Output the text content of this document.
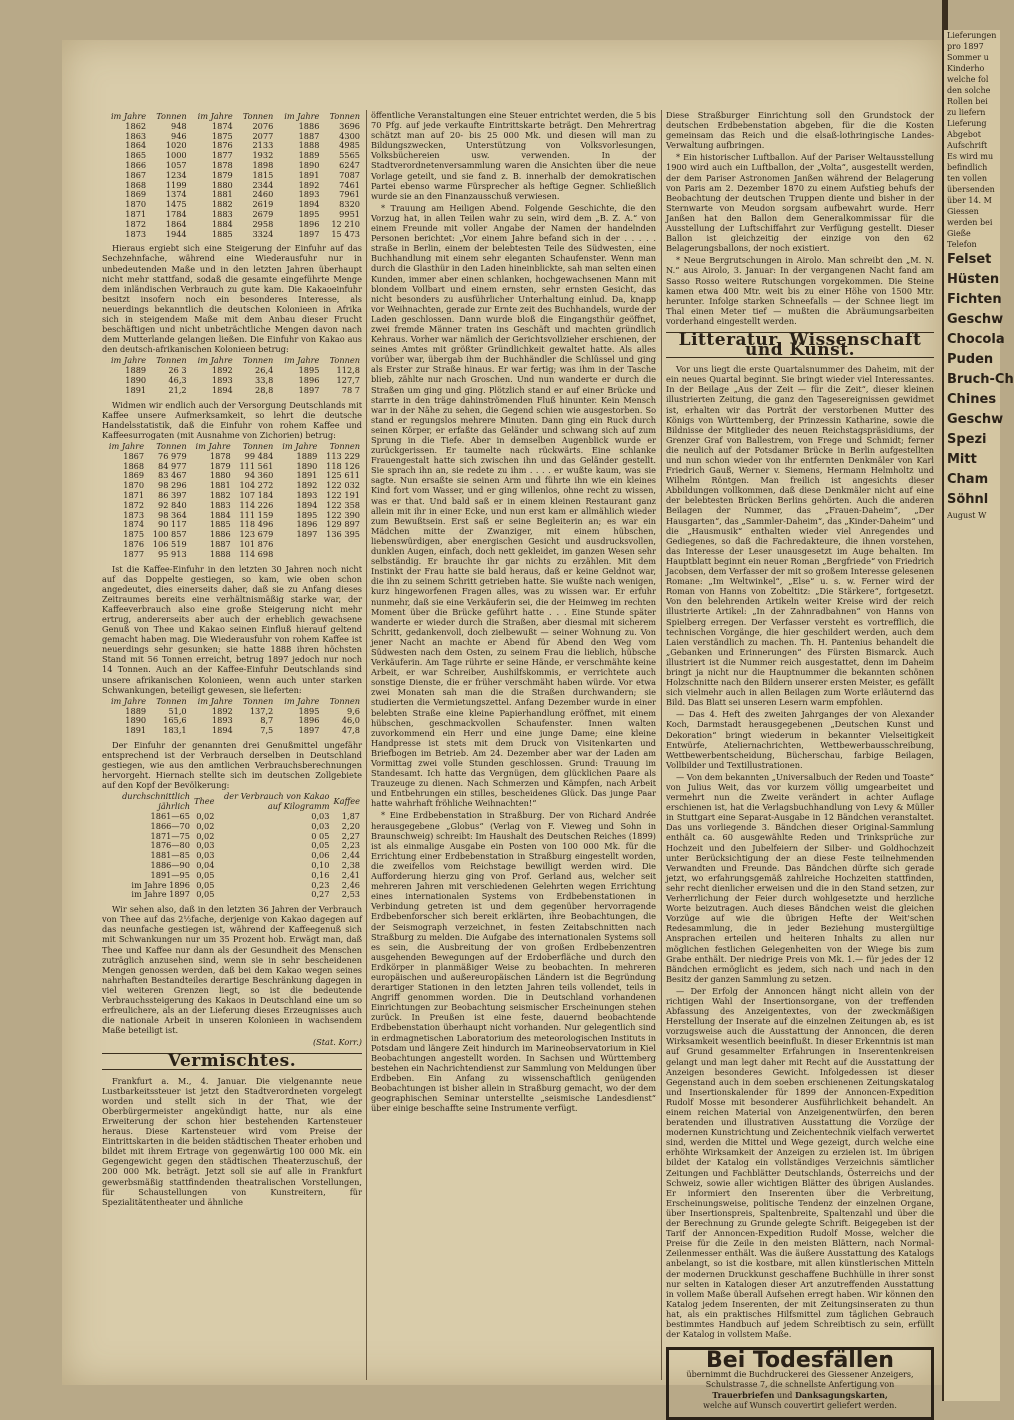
im Jahre	Tonnen	im Jahre	Tonnen	im Jahre	Tonnen
1862	948	1874	2076	1886	3696
1863	946	1875	2077	1887	4300
1864	1020	1876	2133	1888	4985
1865	1000	1877	1932	1889	5565
1866	1057	1878	1898	1890	6247
1867	1234	1879	1815	1891	7087
1868	1199	1880	2344	1892	7461
1869	1374	1881	2460	1893	7961
1870	1475	1882	2619	1894	8320
1871	1784	1883	2679	1895	9951
1872	1864	1884	2958	1896	12 210
1873	1944	1885	3324	1897	15 473

Hieraus ergiebt sich eine Steigerung der Einfuhr auf das Sechzehnfache, während eine Wiederausfuhr nur in unbedeutenden Maße und in den letzten Jahren überhaupt nicht mehr stattfand, sodaß die gesamte eingeführte Menge dem inländischen Verbrauch zu gute kam. Die Kakaoeinfuhr besitzt insofern noch ein besonderes Interesse, als neuerdings bekanntlich die deutschen Kolonieen in Afrika sich in steigendem Maße mit dem Anbau dieser Frucht beschäftigen und nicht unbeträchtliche Mengen davon nach dem Mutterlande gelangen ließen. Die Einfuhr von Kakao aus den deutsch-afrikanischen Kolonieen betrug:

im Jahre	Tonnen	im Jahre	Tonnen	im Jahre	Tonnen
1889	26 3	1892	26,4	1895	112,8
1890	46,3	1893	33,8	1896	127,7
1891	21,2	1894	28,8	1897	78 7

Widmen wir endlich auch der Versorgung Deutschlands mit Kaffee unsere Aufmerksamkeit, so lehrt die deutsche Handelsstatistik, daß die Einfuhr von rohem Kaffee und Kaffeesurrogaten (mit Ausnahme von Zichorien) betrug:

im Jahre	Tonnen	im Jahre	Tonnen	im Jahre	Tonnen
1867	76 979	1878	99 484	1889	113 229
1868	84 977	1879	111 561	1890	118 126
1869	83 467	1880	94 360	1891	125 611
1870	98 296	1881	104 272	1892	122 032
1871	86 397	1882	107 184	1893	122 191
1872	92 840	1883	114 226	1894	122 358
1873	98 364	1884	111 159	1895	122 390
1874	90 117	1885	118 496	1896	129 897
1875	100 857	1886	123 679	1897	136 395
1876	106 519	1887	101 876		
1877	95 913	1888	114 698		

Ist die Kaffee-Einfuhr in den letzten 30 Jahren noch nicht auf das Doppelte gestiegen, so kam, wie oben schon angedeutet, dies einerseits daher, daß sie zu Anfang dieses Zeitraumes bereits eine verhältnismäßig starke war, der Kaffeeverbrauch also eine große Steigerung nicht mehr ertrug, andererseits aber auch der erheblich gewachsene Genuß von Thee und Kakao seinen Einfluß hierauf geltend gemacht haben mag. Die Wiederausfuhr von rohem Kaffee ist neuerdings sehr gesunken; sie hatte 1888 ihren höchsten Stand mit 56 Tonnen erreicht, betrug 1897 jedoch nur noch 14 Tonnen. Auch an der Kaffee-Einfuhr Deutschlands sind unsere afrikanischen Kolonieen, wenn auch unter starken Schwankungen, beteiligt gewesen, sie lieferten:

im Jahre	Tonnen	im Jahre	Tonnen	im Jahre	Tonnen
1889	51,0	1892	137,2	1895	9,6
1890	165,6	1893	8,7	1896	46,0
1891	183,1	1894	7,5	1897	47,8

Der Einfuhr der genannten drei Genußmittel ungefähr entsprechend ist der Verbrauch derselben in Deutschland gestiegen, wie aus den amtlichen Verbrauchsberechnungen hervorgeht. Hiernach stellte sich im deutschen Zollgebiete auf den Kopf der Bevölkerung:

durchschnittlich jährlich	Thee	der Verbrauch von Kakao auf Kilogramm	Kaffee
1861—65	0,02	0,03	1,87
1866—70	0,02	0,03	2,20
1871—75	0,02	0 05	2,27
1876—80	0,03	0,05	2,23
1881—85	0,03	0,06	2,44
1886—90	0,04	0,10	2,38
1891—95	0,05	0,16	2,41
im Jahre 1896	0,05	0,23	2,46
im Jahre 1897	0,05	0,27	2,53

Wir sehen also, daß in den letzten 36 Jahren der Verbrauch von Thee auf das 2½fache, derjenige von Kakao dagegen auf das neunfache gestiegen ist, während der Kaffeegenuß sich mit Schwankungen nur um 35 Prozent hob. Erwägt man, daß Thee und Kaffee nur dann als der Gesundheit des Menschen zuträglich anzusehen sind, wenn sie in sehr bescheidenen Mengen genossen werden, daß bei dem Kakao wegen seines nahrhaften Bestandteiles derartige Beschränkung dagegen in viel weiteren Grenzen liegt, so ist die bedeutende Verbrauchssteigerung des Kakaos in Deutschland eine um so erfreulichere, als an der Lieferung dieses Erzeugnisses auch die nationale Arbeit in unseren Kolonieen in wachsendem Maße beteiligt ist.

(Stat. Korr.)
Vermischtes.

Frankfurt a. M., 4. Januar. Die vielgenannte neue Lustbarkeitssteuer ist jetzt den Stadtverordneten vorgelegt worden und stellt sich in der That, wie der Oberbürgermeister angekündigt hatte, nur als eine Erweiterung der schon hier bestehenden Kartensteuer heraus. Diese Kartensteuer wird vom Preise der Eintrittskarten in die beiden städtischen Theater erhoben und bildet mit ihrem Ertrage von gegenwärtig 100 000 Mk. ein Gegengewicht gegen den städtischen Theaterzuschuß, der 200 000 Mk. beträgt. Jetzt soll sie auf alle in Frankfurt gewerbsmäßig stattfindenden theatralischen Vorstellungen, für Schaustellungen von Kunstreitern, für Spezialitätentheater und ähnliche

öffentliche Veranstaltungen eine Steuer entrichtet werden, die 5 bis 70 Pfg. auf jede verkaufte Eintrittskarte beträgt. Den Mehrertrag schätzt man auf 20- bis 25 000 Mk. und diesen will man zu Bildungszwecken, Unterstützung von Volksvorlesungen, Volksbüchereien usw. verwenden. In der Stadtverordnetenversammlung waren die Ansichten über die neue Vorlage geteilt, und sie fand z. B. innerhalb der demokratischen Partei ebenso warme Fürsprecher als heftige Gegner. Schließlich wurde sie an den Finanzausschuß verwiesen.

* Trauung am Heiligen Abend. Folgende Geschichte, die den Vorzug hat, in allen Teilen wahr zu sein, wird dem „B. Z. A.“ von einem Freunde mit voller Angabe der Namen der handelnden Personen berichtet: „Vor einem Jahre befand sich in der . . . . . straße in Berlin, einem der belebtesten Teile des Südwesten, eine Buchhandlung mit einem sehr eleganten Schaufenster. Wenn man durch die Glasthür in den Laden hineinblickte, sah man selten einen Kunden, immer aber einen schlanken, hochgewachsenen Mann mit blondem Vollbart und einem ernsten, sehr ernsten Gesicht, das nicht besonders zu ausführlicher Unterhaltung einlud. Da, knapp vor Weihnachten, gerade zur Ernte zeit des Buchhandels, wurde der Laden geschlossen. Dann wurde bloß die Eingangsthür geöffnet, zwei fremde Männer traten ins Geschäft und machten gründlich Kehraus. Vorher war nämlich der Gerichtsvollzieher erschienen, der seines Amtes mit größter Gründlichkeit gewaltet hatte. Als alles vorüber war, übergab ihm der Buchhändler die Schlüssel und ging als Erster zur Straße hinaus. Er war fertig; was ihm in der Tasche blieb, zählte nur nach Groschen. Und nun wanderte er durch die Straßen um ging und ging. Plötzlich stand er auf einer Brücke und starrte in den träge dahinströmenden Fluß hinunter. Kein Mensch war in der Nähe zu sehen, die Gegend schien wie ausgestorben. So stand er regungslos mehrere Minuten. Dann ging ein Ruck durch seinen Körper, er erfaßte das Geländer und schwang sich auf zum Sprung in die Tiefe. Aber in demselben Augenblick wurde er zurückgerissen. Er taumelte nach rückwärts. Eine schlanke Frauengestalt hatte sich zwischen ihn und das Geländer gestellt. Sie sprach ihn an, sie redete zu ihm . . . . er wußte kaum, was sie sagte. Nun ersaßte sie seinen Arm und führte ihn wie ein kleines Kind fort vom Wasser, und er ging willenlos, ohne recht zu wissen, was er that. Und bald saß er in einem kleinen Restaurant ganz allein mit ihr in einer Ecke, und nun erst kam er allmählich wieder zum Bewußtsein. Erst saß er seine Begleiterin an; es war ein Mädchen mitte der Zwanziger, mit einem hübschen, liebenswürdigen, aber energischen Gesicht und ausdrucksvollen, dunklen Augen, einfach, doch nett gekleidet, im ganzen Wesen sehr selbständig. Er brauchte ihr gar nichts zu erzählen. Mit dem Instinkt der Frau hatte sie bald heraus, daß er keine Geldnot war, die ihn zu seinem Schritt getrieben hatte. Sie wußte nach wenigen, kurz hingeworfenen Fragen alles, was zu wissen war. Er erfuhr nunmehr, daß sie eine Verkäuferin sei, die der Heimweg im rechten Moment über die Brücke geführt hatte . . . Eine Stunde später wanderte er wieder durch die Straßen, aber diesmal mit sicherem Schritt, gedankenvoll, doch zielbewußt — seiner Wohnung zu. Von jener Nacht an machte er Abend für Abend den Weg vom Südwesten nach dem Osten, zu seinem Frau die lieblich, hübsche Verkäuferin. Am Tage rührte er seine Hände, er verschmähte keine Arbeit, er war Schreiber, Aushilfskommis, er verrichtete auch sonstige Dienste, die er früher verschmäht haben würde. Vor etwa zwei Monaten sah man die die Straßen durchwandern; sie studierten die Vermietungszettel. Anfang Dezember wurde in einer belebten Straße eine kleine Papierhandlung eröffnet, mit einem hübschen, geschmackvollen Schaufenster. Innen walten zuvorkommend ein Herr und eine junge Dame; eine kleine Handpresse ist stets mit dem Druck von Visitenkarten und Briefbogen im Betrieb. Am 24. Dezember aber war der Laden am Vormittag zwei volle Stunden geschlossen. Grund: Trauung im Standesamt. Ich hatte das Vergnügen, dem glücklichen Paare als Trauzeuge zu dienen. Nach Schmerzen und Kämpfen, nach Arbeit und Entbehrungen ein stilles, bescheidenes Glück. Das junge Paar hatte wahrhaft fröhliche Weihnachten!“

* Eine Erdbebenstation in Straßburg. Der von Richard Andrée herausgegebene „Globus“ (Verlag von F. Vieweg und Sohn in Braunschweig) schreibt: Im Haushalt des Deutschen Reiches (1899) ist als einmalige Ausgabe ein Posten von 100 000 Mk. für die Errichtung einer Erdbebenstation in Straßburg eingestellt worden, die zweifellos vom Reichstage bewilligt werden wird. Die Aufforderung hierzu ging von Prof. Gerland aus, welcher seit mehreren Jahren mit verschiedenen Gelehrten wegen Errichtung eines internationalen Systems von Erdbebenstationen in Verbindung getreten ist und dem gegenüber hervorragende Erdbebenforscher sich bereit erklärten, ihre Beobachtungen, die der Seismograph verzeichnet, in festen Zeitabschnitten nach Straßburg zu melden. Die Aufgabe des internationalen Systems soll es sein, die Ausbreitung der von großen Erdbebenzentren ausgehenden Bewegungen auf der Erdoberfläche und durch den Erdkörper in planmäßiger Weise zu beobachten. In mehreren europäischen und außereuropäischen Ländern ist die Begründung derartiger Stationen in den letzten Jahren teils vollendet, teils in Angriff genommen worden. Die in Deutschland vorhandenen Einrichtungen zur Beobachtung seismischer Erscheinungen stehen zurück. In Preußen ist eine feste, dauernd beobachtende Erdbebenstation überhaupt nicht vorhanden. Nur gelegentlich sind in erdmagnetischen Laboratorium des meteorologischen Instituts in Potsdam und längere Zeit hindurch im Marineobservatorium in Kiel Beobachtungen angestellt worden. In Sachsen und Württemberg bestehen ein Nachrichtendienst zur Sammlung von Meldungen über Erdbeben. Ein Anfang zu wissenschaftlich genügenden Beobachtungen ist bisher allein in Straßburg gemacht, wo der dem geographischen Seminar unterstellte „seismische Landesdienst“ über einige beschaffte seine Instrumente verfügt.

Diese Straßburger Einrichtung soll den Grundstock der deutschen Erdbebenstation abgeben, für die die Kosten gemeinsam das Reich und die elsaß-lothringische Landes-Verwaltung aufbringen.

* Ein historischer Luftballon. Auf der Pariser Weltausstellung 1900 wird auch ein Luftballon, der „Volta“, ausgestellt werden, der dem Pariser Astronomen Janßen während der Belagerung von Paris am 2. Dezember 1870 zu einem Aufstieg behufs der Beobachtung der deutschen Truppen diente und bisher in der Sternwarte von Meudon sorgsam aufbewahrt wurde. Herr Janßen hat den Ballon dem Generalkommissar für die Ausstellung der Luftschiffahrt zur Verfügung gestellt. Dieser Ballon ist gleichzeitig der einzige von den 62 Belagerungsballons, der noch existiert.

* Neue Bergrutschungen in Airolo. Man schreibt den „M. N. N.“ aus Airolo, 3. Januar: In der vergangenen Nacht fand am Sasso Rosso weitere Rutschungen vorgekommen. Die Steine kamen etwa 400 Mtr. weit bis zu einer Höhe von 1500 Mtr. herunter. Infolge starken Schneefalls — der Schnee liegt im Thal einen Meter tief — mußten die Abräumungsarbeiten vorderhand eingestellt werden.

Litteratur, Wissenschaft und Kunst.

Vor uns liegt die erste Quartalsnummer des Daheim, mit der ein neues Quartal beginnt. Sie bringt wieder viel Interessantes. In der Beilage „Aus der Zeit — für die Zeit“, dieser kleinen illustrierten Zeitung, die ganz den Tagesereignissen gewidmet ist, erhalten wir das Porträt der verstorbenen Mutter des Königs von Württemberg, der Prinzessin Katharine, sowie die Bildnisse der Mitglieder des neuen Reichstagspräsidiums, der Grenzer Graf von Ballestrem, von Frege und Schmidt; ferner die neulich auf der Potsdamer Brücke in Berlin aufgestellten und nun schon wieder von ihr entfernten Denkmäler von Karl Friedrich Gauß, Werner v. Siemens, Hermann Helmholtz und Wilhelm Röntgen. Man freilich ist angesichts dieser Abbildungen vollkommen, daß diese Denkmäler nicht auf eine der belebtesten Brücken Berlins gehörten. Auch die anderen Beilagen der Nummer, das „Frauen-Daheim“, „Der Hausgarten“, das „Sammler-Daheim“, das „Kinder-Daheim“ und die „Hausmusik“ enthalten wieder viel Anregendes und Gediegenes, so daß die Fachredakteure, die ihnen vorstehen, das Interesse der Leser unausgesetzt im Auge behalten. Im Hauptblatt beginnt ein neuer Roman „Bergfriede“ von Friedrich Jacobsen, dem Verfasser der mit so großem Interesse gelesenen Romane: „Im Weltwinkel“, „Else“ u. s. w. Ferner wird der Roman von Hanns von Zobeltitz: „Die Stärkere“, fortgesetzt. Von den belehrenden Artikeln weiter Kreise wird der reich illustrierte Artikel: „In der Zahnradbahnen“ von Hanns von Spielberg erregen. Der Verfasser versteht es vortrefflich, die technischen Vorgänge, die hier geschildert werden, auch dem Laien verständlich zu machen. Th. H. Pantenius behandelt die „Gebanken und Erinnerungen“ des Fürsten Bismarck. Auch illustriert ist die Nummer reich ausgestattet, denn im Daheim bringt ja nicht nur die Hauptnummer die bekannten schönen Holzschnitte nach den Bildern unserer ersten Meister, es gefällt sich vielmehr auch in allen Beilagen zum Worte erläuternd das Bild. Das Blatt sei unseren Lesern warm empfohlen.

— Das 4. Heft des zweiten Jahrganges der von Alexander Koch, Darmstadt herausgegebenen „Deutschen Kunst und Dekoration“ bringt wiederum in bekannter Vielseitigkeit Entwürfe, Ateliernachrichten, Wettbewerbausschreibung, Wettbewerbentscheidung, Bücherschau, farbige Beilagen, Vollbilder und Textillustrationen.

— Von dem bekannten „Universalbuch der Reden und Toaste“ von Julius Weit, das vor kurzem völlig umgearbeitet und vermehrt nun die Zweite verändert in achter Auflage erschienen ist, hat die Verlagsbuchhandlung von Levy & Müller in Stuttgart eine Separat-Ausgabe in 12 Bändchen veranstaltet. Das uns vorliegende 3. Bändchen dieser Original-Sammlung enthält ca. 60 ausgewählte Reden und Trinksprüche zur Hochzeit und den Jubelfeiern der Silber- und Goldhochzeit unter Berücksichtigung der an diese Feste teilnehmenden Verwandten und Freunde. Das Bändchen dürfte sich gerade jetzt, wo erfahrungsgemäß zahlreiche Hochzeiten stattfinden, sehr recht dienlicher erweisen und die in den Stand setzen, zur Verherrlichung der Feier durch wohlgesetzte und herzliche Worte beizutragen. Auch dieses Bändchen weist die gleichen Vorzüge auf wie die übrigen Hefte der Weit'schen Redesammlung, die in jeder Beziehung mustergültige Ansprachen erteilen und heiteren Inhalts zu allen nur möglichen festlichen Gelegenheiten von der Wiege bis zum Grabe enthält. Der niedrige Preis von Mk. 1.— für jedes der 12 Bändchen ermöglicht es jedem, sich nach und nach in den Besitz der ganzen Sammlung zu setzen.

— Der Erfolg der Annoncen hängt nicht allein von der richtigen Wahl der Insertionsorgane, von der treffenden Abfassung des Anzeigentextes, von der zweckmäßigen Herstellung der Inserate auf die einzelnen Zeitungen ab, es ist vorzugsweise auch die Ausstattung der Annoncen, die deren Wirksamkeit wesentlich beeinflußt. In dieser Erkenntnis ist man auf Grund gesammelter Erfahrungen in Inserentenkreisen gelangt und man legt daher mit Recht auf die Ausstattung der Anzeigen besonderes Gewicht. Infolgedessen ist dieser Gegenstand auch in dem soeben erschienenen Zeitungskatalog und Insertionskalender für 1899 der Annoncen-Expedition Rudolf Mosse mit besonderer Ausführlichkeit behandelt. An einem reichen Material von Anzeigenentwürfen, den beren beratenden und illustrativen Ausstattung die Vorzüge der modernen Kunstrichtung und Zeichentechnik vielfach verwertet sind, werden die Mittel und Wege gezeigt, durch welche eine erhöhte Wirksamkeit der Anzeigen zu erzielen ist. Im übrigen bildet der Katalog ein vollständiges Verzeichnis sämtlicher Zeitungen und Fachblätter Deutschlands, Österreichs und der Schweiz, sowie aller wichtigen Blätter des übrigen Auslandes. Er informiert den Inserenten über die Verbreitung, Erscheinungsweise, politische Tendenz der einzelnen Organe, über Insertionspreis, Spaltenbreite, Spaltenzahl und über die der Berechnung zu Grunde gelegte Schrift. Beigegeben ist der Tarif der Annoncen-Expedition Rudolf Mosse, welcher die Preise für die Zeile in den meisten Blättern, nach Normal-Zeilenmesser enthält. Was die äußere Ausstattung des Katalogs anbelangt, so ist die kostbare, mit allen künstlerischen Mitteln der modernen Druckkunst geschaffene Buchhülle in ihrer sonst nur selten in Katalogen dieser Art anzutreffenden Ausstattung in vollem Maße überall Aufsehen erregt haben. Wir können den Katalog jedem Inserenten, der mit Zeitungsinseraten zu thun hat, als ein praktisches Hilfsmittel zum täglichen Gebrauch bestimmtes Handbuch auf jedem Schreibtisch zu sein, erfüllt der Katalog in vollstem Maße.

Bei Todesfällen
übernimmt die Buchdruckerei des Giessener Anzeigers,
Schulstrasse 7, die schnellste Anfertigung von Trauerbriefen und Danksagungskarten,
welche auf Wunsch couvertirt geliefert werden.
Lieferungen
pro 1897
Sommer u
Kinderho
welche fol
den solche
Rollen bei
zu liefern
Lieferung
Abgebot
Aufschrift
Es wird mu
befindlich
ten vollen
übersenden
über 14. M
Giessen
werden bei
Gieße
Telefon
Felset
Hüsten
Fichten
Geschw
Chocola
Puden
Bruch-Ch
Chines
Geschw
Spezi
Mitt
Cham
Söhnl
August W
